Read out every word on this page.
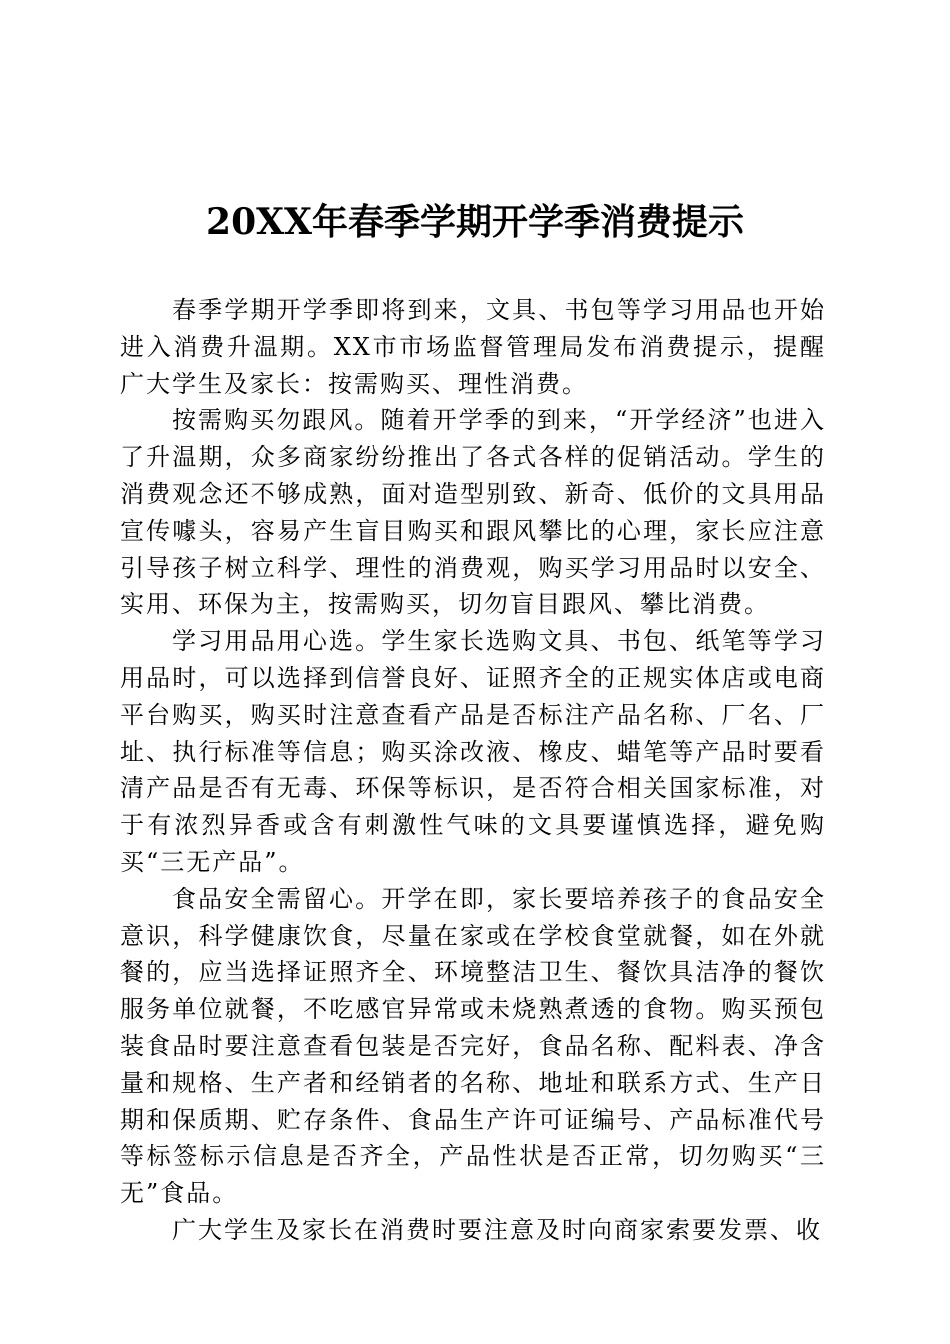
20XX年春季学期开学季消费提示

春季学期开学季即将到来，文具、书包等学习用品也开始进入消费升温期。XX市市场监督管理局发布消费提示，提醒广大学生及家长：按需购买、理性消费。

按需购买勿跟风。随着开学季的到来，“开学经济”也进入了升温期，众多商家纷纷推出了各式各样的促销活动。学生的消费观念还不够成熟，面对造型别致、新奇、低价的文具用品宣传噱头，容易产生盲目购买和跟风攀比的心理，家长应注意引导孩子树立科学、理性的消费观，购买学习用品时以安全、实用、环保为主，按需购买，切勿盲目跟风、攀比消费。

学习用品用心选。学生家长选购文具、书包、纸笔等学习用品时，可以选择到信誉良好、证照齐全的正规实体店或电商平台购买，购买时注意查看产品是否标注产品名称、厂名、厂址、执行标准等信息；购买涂改液、橡皮、蜡笔等产品时要看清产品是否有无毒、环保等标识，是否符合相关国家标准，对于有浓烈异香或含有刺激性气味的文具要谨慎选择，避免购买“三无产品”。

食品安全需留心。开学在即，家长要培养孩子的食品安全意识，科学健康饮食，尽量在家或在学校食堂就餐，如在外就餐的，应当选择证照齐全、环境整洁卫生、餐饮具洁净的餐饮服务单位就餐，不吃感官异常或未烧熟煮透的食物。购买预包装食品时要注意查看包装是否完好，食品名称、配料表、净含量和规格、生产者和经销者的名称、地址和联系方式、生产日期和保质期、贮存条件、食品生产许可证编号、产品标准代号等标签标示信息是否齐全，产品性状是否正常，切勿购买“三无”食品。

广大学生及家长在消费时要注意及时向商家索要发票、收
